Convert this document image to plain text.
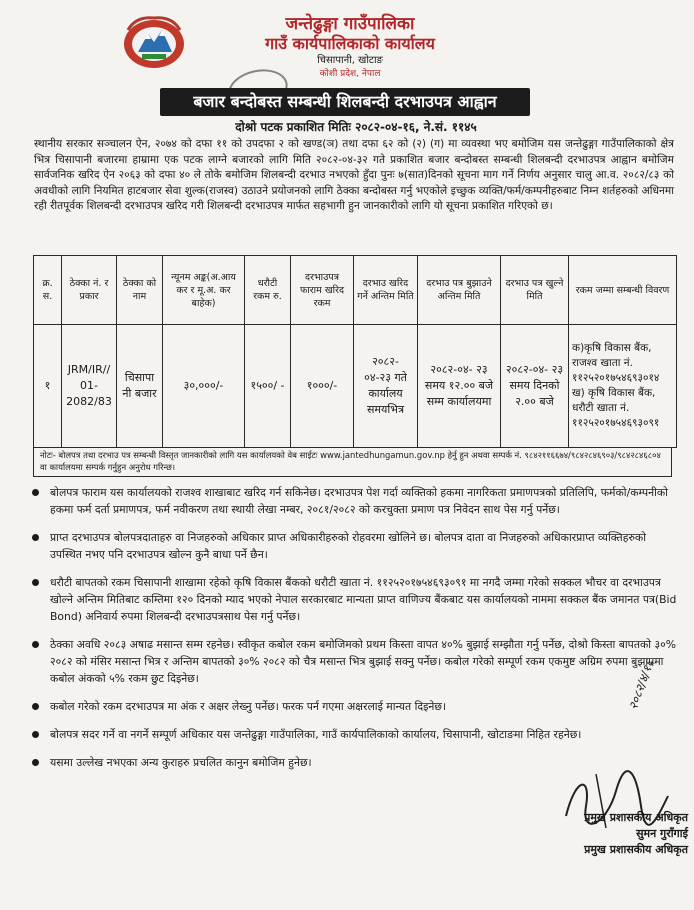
जन्तेढुङ्गा गाउँपालिका
गाउँ कार्यपालिकाको कार्यालय
चिसापानी, खोटाङ
कोशी प्रदेश, नेपाल
बजार बन्दोबस्त सम्बन्धी शिलबन्दी दरभाउपत्र आह्वान
दोश्रो पटक प्रकाशित मितिः २०८२-०४-१६, ने.सं. ११४५
स्थानीय सरकार सञ्चालन ऐन, २०७४ को दफा ११ को उपदफा २ को खण्ड(ञ) तथा दफा ६२ को (२) (ग) मा व्यवस्था भए बमोजिम यस जन्तेढुङ्गा गाउँपालिकाको क्षेत्र भित्र चिसापानी बजारमा हाम्रामा एक पटक लाग्ने बजारको लागि मिति २०८२-०४-३२ गते प्रकाशित बजार बन्दोबस्त सम्बन्धी शिलबन्दी दरभाउपत्र आह्वान बमोजिम सार्वजनिक खरिद ऐन २०६३ को दफा ४० ले तोके बमोजिम शिलबन्दी दरभाउ नभएको हुँदा पुनः ७(सात)दिनको सूचना माग गर्ने निर्णय अनुसार चालु आ.व. २०८२/८३ को अवधीको लागि नियमित हाटबजार सेवा शुल्क(राजस्व) उठाउने प्रयोजनको लागि ठेक्का बन्दोबस्त गर्नु भएकोले इच्छुक व्यक्ति/फर्म/कम्पनीहरुबाट निम्न शर्तहरुको अधिनमा रही रीतपूर्वक शिलबन्दी दरभाउपत्र खरिद गरी शिलबन्दी दरभाउपत्र मार्फत सहभागी हुन जानकारीको लागि यो सूचना प्रकाशित गरिएको छ।
क्र. स.	ठेक्का नं. र प्रकार	ठेक्का को नाम	न्यूनम अङ्क(अ.आय कर र मू.अ. कर बाहेक)	धरौटी रकम रु.	दरभाउपत्र फाराम खरिद रकम	दरभाउ खरिद गर्ने अन्तिम मिति	दरभाउ पत्र बुझाउने अन्तिम मिति	दरभाउ पत्र खुल्ने मिति	रकम जम्मा सम्बन्धी विवरण
१	JRM/IR// 01- 2082/83	चिसापा नी बजार	३०,०००/-	१५००/ -	१०००/-	२०८२- ०४-२३ गते कार्यालय समयभित्र	२०८२-०४- २३ समय १२.०० बजे सम्म कार्यालयमा	२०८२-०४- २३ समय दिनको २.०० बजे	क)कृषि विकास बैंक, राजश्व खाता नं. ११२५२०१७५४६९३०१४ ख) कृषि विकास बैंक, धरौटी खाता नं. ११२५२०१७५४६९३०९१
नोटः- बोलपत्र तथा दरभाउ पत्र सम्बन्धी विस्तृत जानकारीको लागि यस कार्यालयको वेब साईटः www.jantedhungamun.gov.np हेर्नु हुन अथवा सम्पर्क नं. ९८४२११६६७४/९८४२८४६९०३/९८४२८४६८०४ वा कार्यालयमा सम्पर्क गर्नुहुन अनुरोध गरिन्छ।
बोलपत्र फाराम यस कार्यालयको राजश्व शाखाबाट खरिद गर्न सकिनेछ। दरभाउपत्र पेश गर्दा व्यक्तिको हकमा नागरिकता प्रमाणपत्रको प्रतिलिपि, फर्मको/कम्पनीको हकमा फर्म दर्ता प्रमाणपत्र, फर्म नवीकरण तथा स्थायी लेखा नम्बर, २०८१/२०८२ को करचुक्ता प्रमाण पत्र निवेदन साथ पेस गर्नु पर्नेछ।
प्राप्त दरभाउपत्र बोलपत्रदाताहरु वा निजहरुको अधिकार प्राप्त अधिकारीहरुको रोहवरमा खोलिने छ। बोलपत्र दाता वा निजहरुको अधिकारप्राप्त व्यक्तिहरुको उपस्थित नभए पनि दरभाउपत्र खोल्न कुनै बाधा पर्ने छैन।
धरौटी बापतको रकम चिसापानी शाखामा रहेको कृषि विकास बैंकको धरौटी खाता नं. ११२५२०१७५४६९३०९१ मा नगदै जम्मा गरेको सक्कल भौचर वा दरभाउपत्र खोल्ने अन्तिम मितिबाट कम्तिमा १२० दिनको म्याद भएको नेपाल सरकारबाट मान्यता प्राप्त वाणिज्य बैंकबाट यस कार्यालयको नाममा सक्कल बैंक जमानत पत्र(Bid Bond) अनिवार्य रुपमा शिलबन्दी दरभाउपत्रसाथ पेस गर्नु पर्नेछ।
ठेक्का अवधि २०८३ अषाढ मसान्त सम्म रहनेछ। स्वीकृत कबोल रकम बमोजिमको प्रथम किस्ता वापत ४०% बुझाई सम्झौता गर्नु पर्नेछ, दोश्रो किस्ता बापतको ३०% २०८२ को मंसिर मसान्त भित्र र अन्तिम बापतको ३०% २०८२ को चैत्र मसान्त भित्र बुझाई सक्नु पर्नेछ। कबोल गरेको सम्पूर्ण रकम एकमुष्ट अग्रिम रुपमा बुझाएमा कबोल अंकको ५% रकम छुट दिइनेछ।
कबोल गरेको रकम दरभाउपत्र मा अंक र अक्षर लेख्नु पर्नेछ। फरक पर्न गएमा अक्षरलाई मान्यत दिइनेछ।
बोलपत्र सदर गर्ने वा नगर्ने सम्पूर्ण अधिकार यस जन्तेढुङ्गा गाउँपालिका, गाउँ कार्यपालिकाको कार्यालय, चिसापानी, खोटाङमा निहित रहनेछ।
यसमा उल्लेख नभएका अन्य कुराहरु प्रचलित कानुन बमोजिम हुनेछ।
२०८२/४/१६
प्रमुख प्रशासकीय अधिकृत
सुमन गुराँगाई
प्रमुख प्रशासकीय अधिकृत
